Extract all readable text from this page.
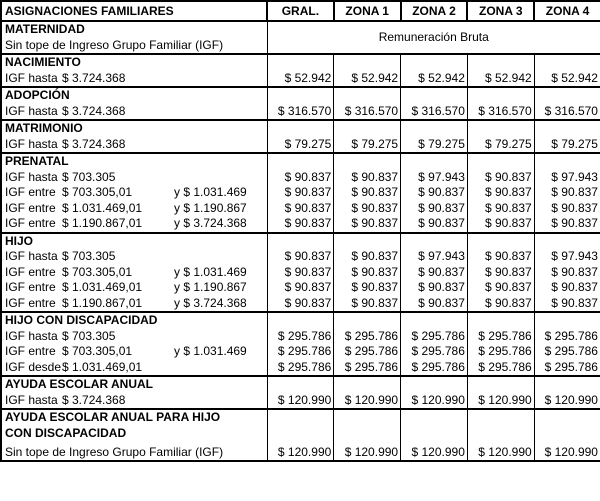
ASIGNACIONES FAMILIARES	GRAL.	ZONA 1	ZONA 2	ZONA 3	ZONA 4
MATERNIDAD	Remuneración Bruta				
Sin tope de Ingreso Grupo Familiar (IGF)					
NACIMIENTO					
IGF hasta $ 3.724.368	$ 52.942	$ 52.942	$ 52.942	$ 52.942	$ 52.942
ADOPCIÓN					
IGF hasta $ 3.724.368	$ 316.570	$ 316.570	$ 316.570	$ 316.570	$ 316.570
MATRIMONIO					
IGF hasta $ 3.724.368	$ 79.275	$ 79.275	$ 79.275	$ 79.275	$ 79.275
PRENATAL					
IGF hasta $ 703.305	$ 90.837	$ 90.837	$ 97.943	$ 90.837	$ 97.943
IGF entre $ 703.305,01 y $ 1.031.469	$ 90.837	$ 90.837	$ 90.837	$ 90.837	$ 90.837
IGF entre $ 1.031.469,01 y $ 1.190.867	$ 90.837	$ 90.837	$ 90.837	$ 90.837	$ 90.837
IGF entre $ 1.190.867,01 y $ 3.724.368	$ 90.837	$ 90.837	$ 90.837	$ 90.837	$ 90.837
HIJO					
IGF hasta $ 703.305	$ 90.837	$ 90.837	$ 97.943	$ 90.837	$ 97.943
IGF entre $ 703.305,01 y $ 1.031.469	$ 90.837	$ 90.837	$ 90.837	$ 90.837	$ 90.837
IGF entre $ 1.031.469,01 y $ 1.190.867	$ 90.837	$ 90.837	$ 90.837	$ 90.837	$ 90.837
IGF entre $ 1.190.867,01 y $ 3.724.368	$ 90.837	$ 90.837	$ 90.837	$ 90.837	$ 90.837
HIJO CON DISCAPACIDAD					
IGF hasta $ 703.305	$ 295.786	$ 295.786	$ 295.786	$ 295.786	$ 295.786
IGF entre $ 703.305,01 y $ 1.031.469	$ 295.786	$ 295.786	$ 295.786	$ 295.786	$ 295.786
IGF desde$ 1.031.469,01	$ 295.786	$ 295.786	$ 295.786	$ 295.786	$ 295.786
AYUDA ESCOLAR ANUAL					
IGF hasta $ 3.724.368	$ 120.990	$ 120.990	$ 120.990	$ 120.990	$ 120.990
AYUDA ESCOLAR ANUAL PARA HIJO					
CON DISCAPACIDAD					
Sin tope de Ingreso Grupo Familiar (IGF)	$ 120.990	$ 120.990	$ 120.990	$ 120.990	$ 120.990
